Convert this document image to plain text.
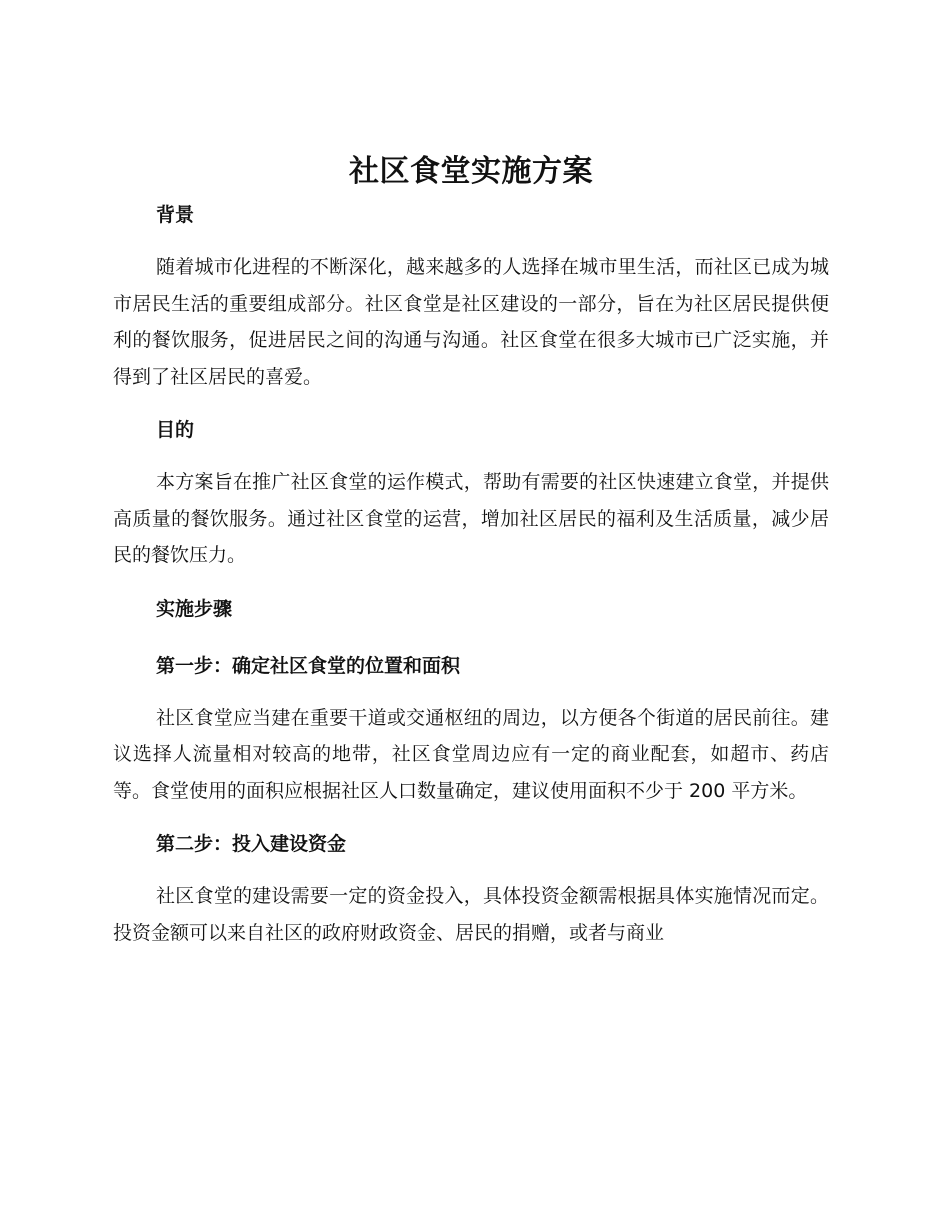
社区食堂实施方案

背景

随着城市化进程的不断深化，越来越多的人选择在城市里生活，而社区已成为城市居民生活的重要组成部分。社区食堂是社区建设的一部分，旨在为社区居民提供便利的餐饮服务，促进居民之间的沟通与沟通。社区食堂在很多大城市已广泛实施，并得到了社区居民的喜爱。

目的

本方案旨在推广社区食堂的运作模式，帮助有需要的社区快速建立食堂，并提供高质量的餐饮服务。通过社区食堂的运营，增加社区居民的福利及生活质量，减少居民的餐饮压力。

实施步骤

第一步：确定社区食堂的位置和面积

社区食堂应当建在重要干道或交通枢纽的周边，以方便各个街道的居民前往。建议选择人流量相对较高的地带，社区食堂周边应有一定的商业配套，如超市、药店等。食堂使用的面积应根据社区人口数量确定，建议使用面积不少于 200 平方米。

第二步：投入建设资金

社区食堂的建设需要一定的资金投入，具体投资金额需根据具体实施情况而定。投资金额可以来自社区的政府财政资金、居民的捐赠，或者与商业
